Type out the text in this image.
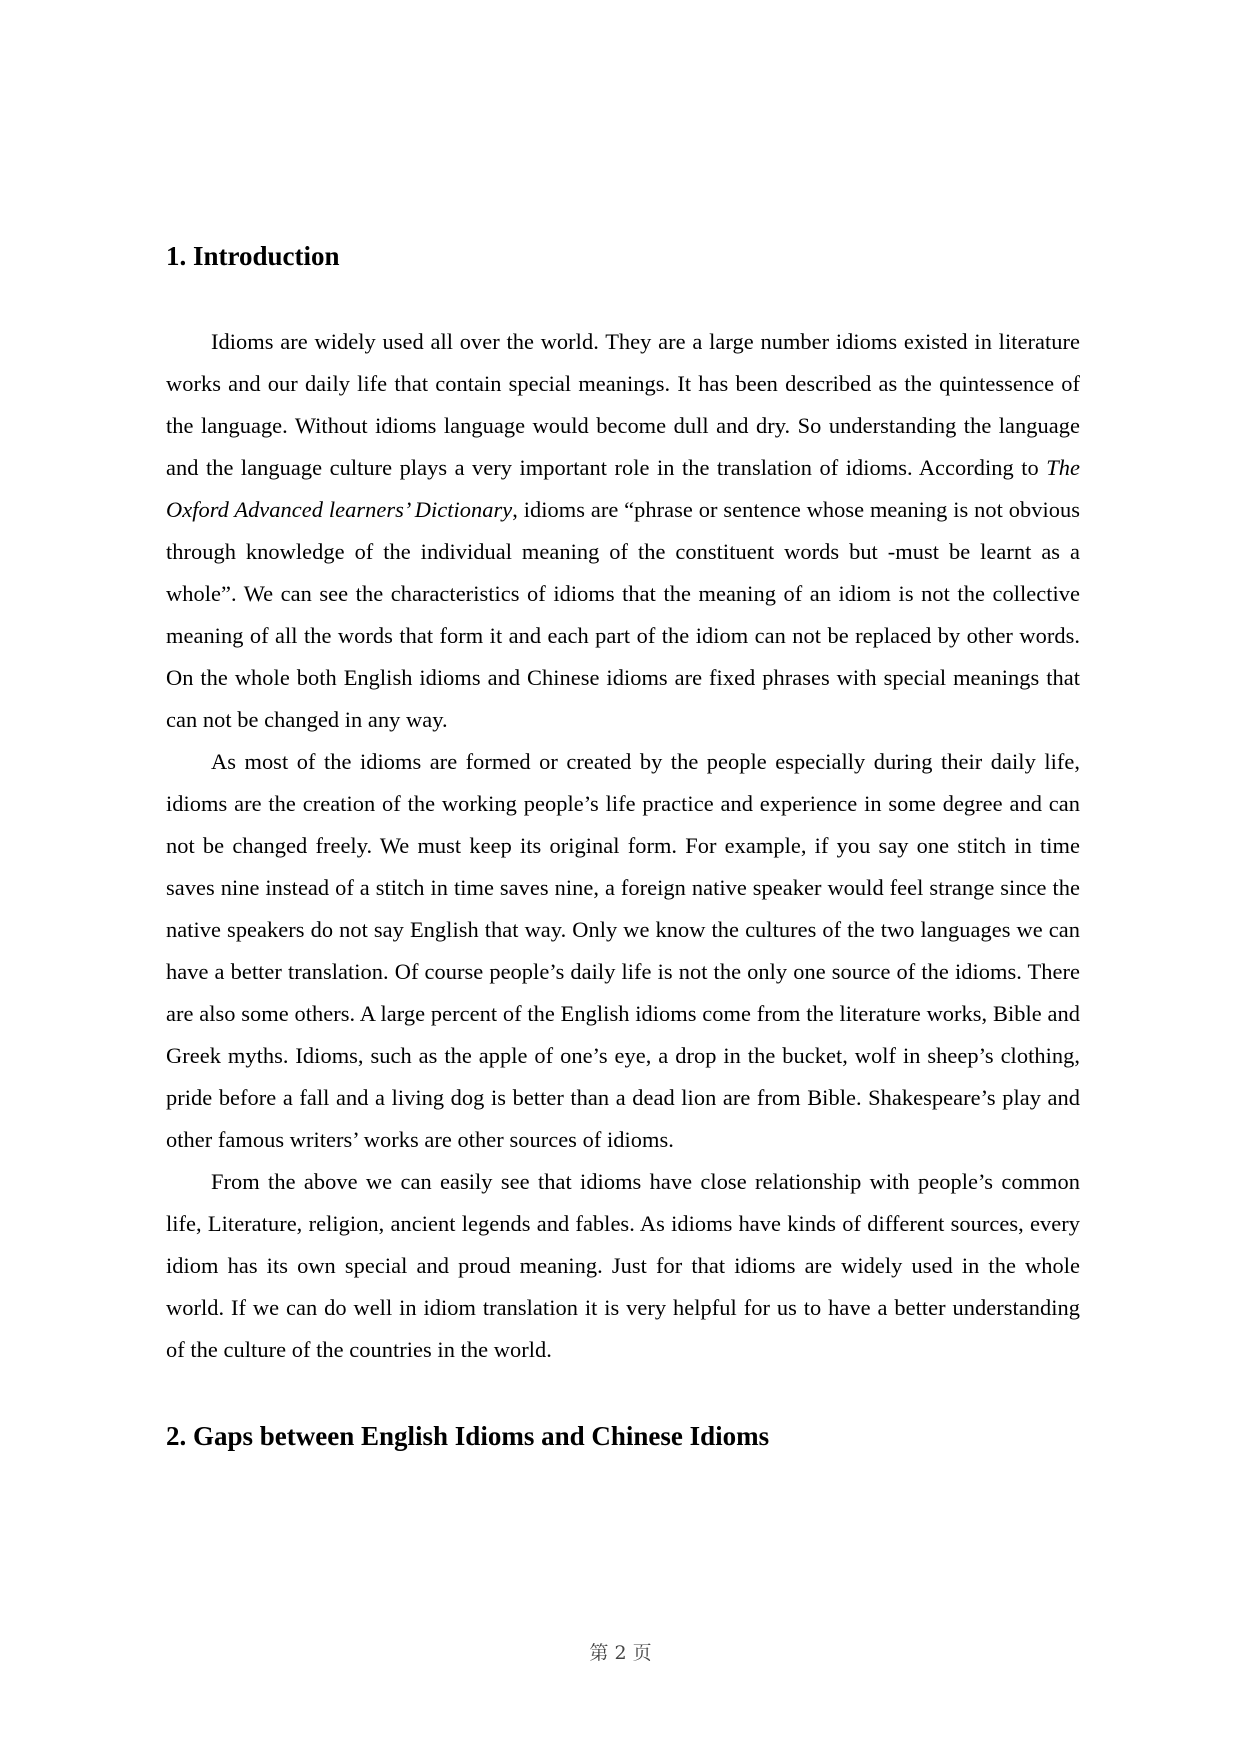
1. Introduction

Idioms are widely used all over the world. They are a large number idioms existed in literature works and our daily life that contain special meanings. It has been described as the quintessence of the language. Without idioms language would become dull and dry. So understanding the language and the language culture plays a very important role in the translation of idioms. According to The Oxford Advanced learners’ Dictionary, idioms are “phrase or sentence whose meaning is not obvious through knowledge of the individual meaning of the constituent words but -must be learnt as a whole”. We can see the characteristics of idioms that the meaning of an idiom is not the collective meaning of all the words that form it and each part of the idiom can not be replaced by other words. On the whole both English idioms and Chinese idioms are fixed phrases with special meanings that can not be changed in any way.

As most of the idioms are formed or created by the people especially during their daily life, idioms are the creation of the working people’s life practice and experience in some degree and can not be changed freely. We must keep its original form. For example, if you say one stitch in time saves nine instead of a stitch in time saves nine, a foreign native speaker would feel strange since the native speakers do not say English that way. Only we know the cultures of the two languages we can have a better translation. Of course people’s daily life is not the only one source of the idioms. There are also some others. A large percent of the English idioms come from the literature works, Bible and Greek myths. Idioms, such as the apple of one’s eye, a drop in the bucket, wolf in sheep’s clothing, pride before a fall and a living dog is better than a dead lion are from Bible. Shakespeare’s play and other famous writers’ works are other sources of idioms.

From the above we can easily see that idioms have close relationship with people’s common life, Literature, religion, ancient legends and fables. As idioms have kinds of different sources, every idiom has its own special and proud meaning. Just for that idioms are widely used in the whole world. If we can do well in idiom translation it is very helpful for us to have a better understanding of the culture of the countries in the world.

2. Gaps between English Idioms and Chinese Idioms
第 2 页
